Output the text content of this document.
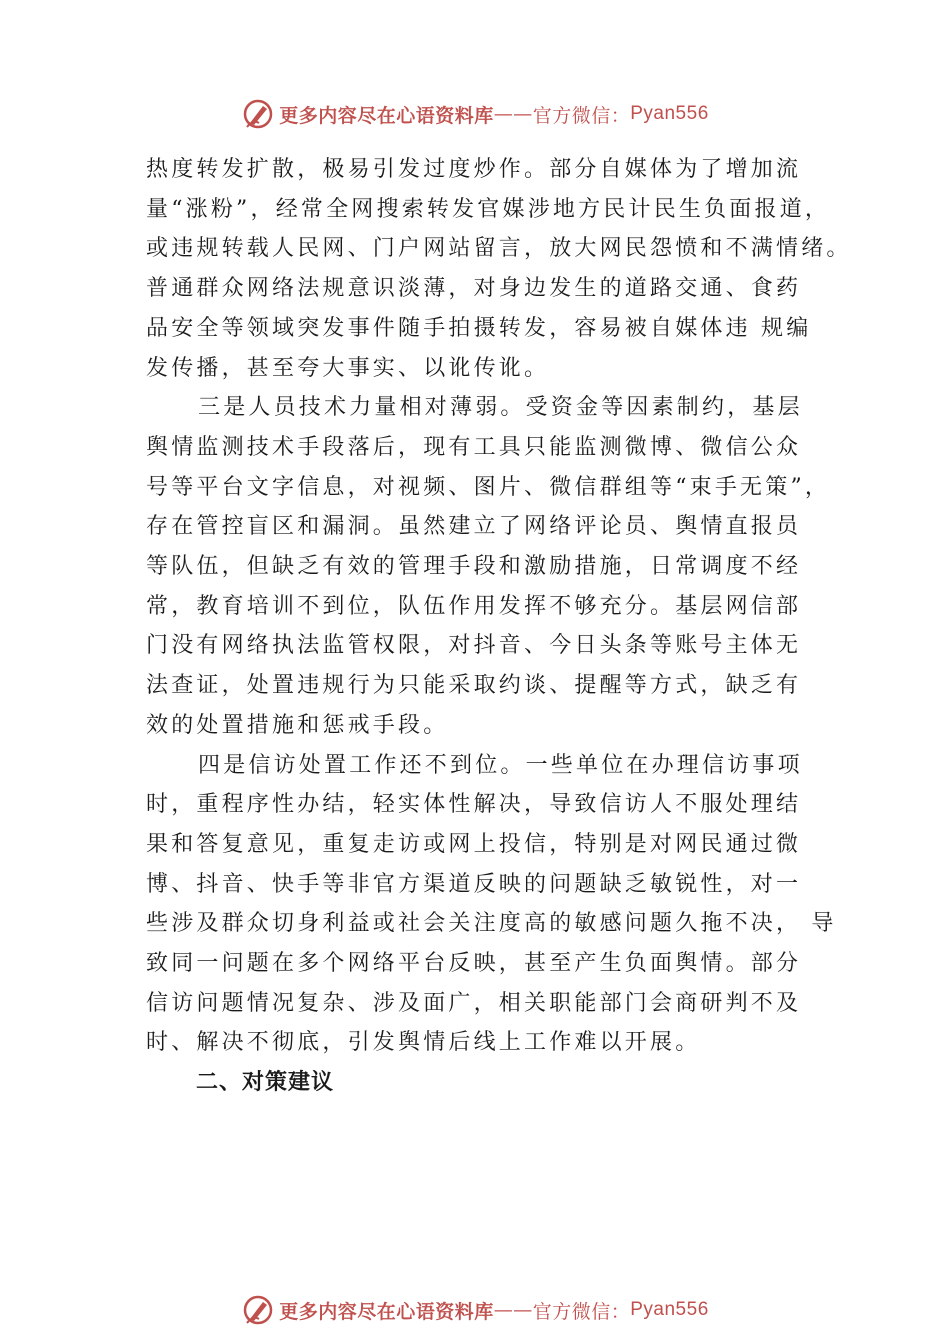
更多内容尽在心语资料库 —— 官方微信： Pyan556

热度转发扩散，极易引发过度炒作。部分自媒体为了增加流
量“涨粉”，经常全网搜索转发官媒涉地方民计民生负面报道，
或违规转载人民网、门户网站留言，放大网民怨愤和不满情绪。
普通群众网络法规意识淡薄，对身边发生的道路交通、食药
品安全等领域突发事件随手拍摄转发，容易被自媒体违 规编
发传播，甚至夸大事实、以讹传讹。

三是人员技术力量相对薄弱。受资金等因素制约，基层
舆情监测技术手段落后，现有工具只能监测微博、微信公众
号等平台文字信息，对视频、图片、微信群组等“束手无策”，
存在管控盲区和漏洞。虽然建立了网络评论员、舆情直报员
等队伍，但缺乏有效的管理手段和激励措施，日常调度不经
常，教育培训不到位，队伍作用发挥不够充分。基层网信部
门没有网络执法监管权限，对抖音、今日头条等账号主体无
法查证，处置违规行为只能采取约谈、提醒等方式，缺乏有
效的处置措施和惩戒手段。

四是信访处置工作还不到位。一些单位在办理信访事项
时，重程序性办结，轻实体性解决，导致信访人不服处理结
果和答复意见，重复走访或网上投信，特别是对网民通过微
博、抖音、快手等非官方渠道反映的问题缺乏敏锐性，对一
些涉及群众切身利益或社会关注度高的敏感问题久拖不决， 导
致同一问题在多个网络平台反映，甚至产生负面舆情。部分
信访问题情况复杂、涉及面广，相关职能部门会商研判不及
时、解决不彻底，引发舆情后线上工作难以开展。

二、对策建议
更多内容尽在心语资料库 —— 官方微信： Pyan556
